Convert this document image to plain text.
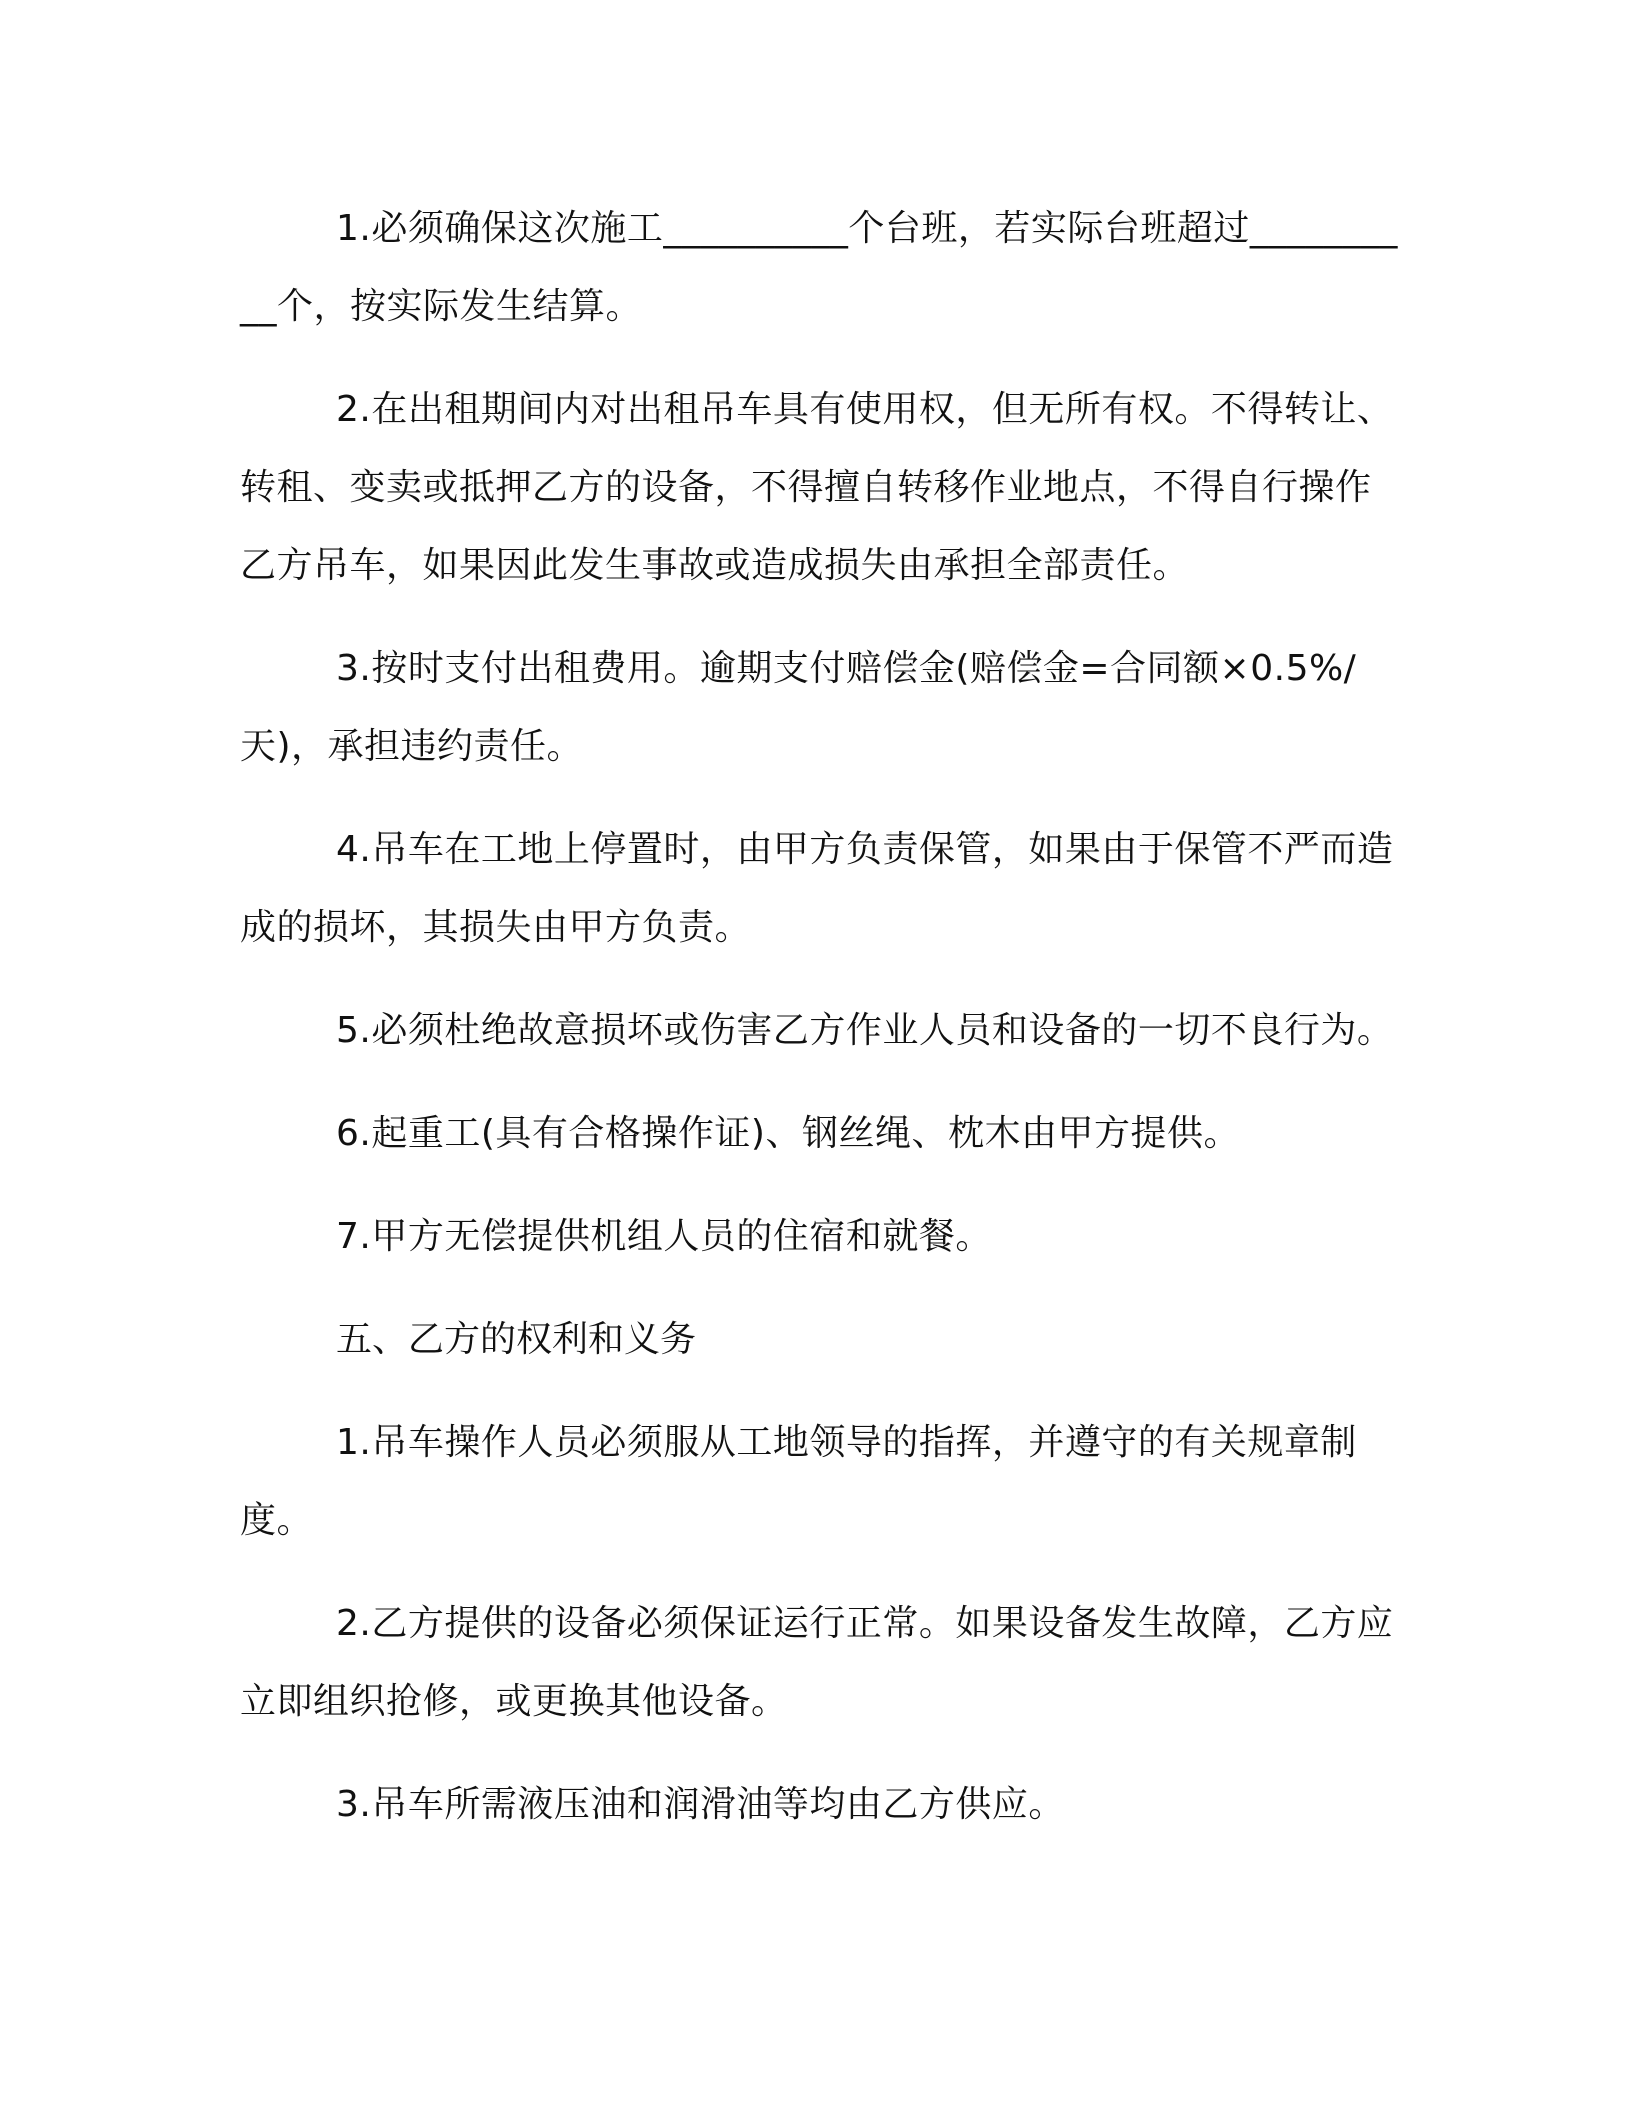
1.必须确保这次施工__________个台班，若实际台班超过__________个，按实际发生结算。

2.在出租期间内对出租吊车具有使用权，但无所有权。不得转让、转租、变卖或抵押乙方的设备，不得擅自转移作业地点，不得自行操作乙方吊车，如果因此发生事故或造成损失由承担全部责任。

3.按时支付出租费用。逾期支付赔偿金(赔偿金=合同额×0.5%/天)，承担违约责任。

4.吊车在工地上停置时，由甲方负责保管，如果由于保管不严而造成的损坏，其损失由甲方负责。

5.必须杜绝故意损坏或伤害乙方作业人员和设备的一切不良行为。

6.起重工(具有合格操作证)、钢丝绳、枕木由甲方提供。

7.甲方无偿提供机组人员的住宿和就餐。

五、乙方的权利和义务

1.吊车操作人员必须服从工地领导的指挥，并遵守的有关规章制度。

2.乙方提供的设备必须保证运行正常。如果设备发生故障，乙方应立即组织抢修，或更换其他设备。

3.吊车所需液压油和润滑油等均由乙方供应。
